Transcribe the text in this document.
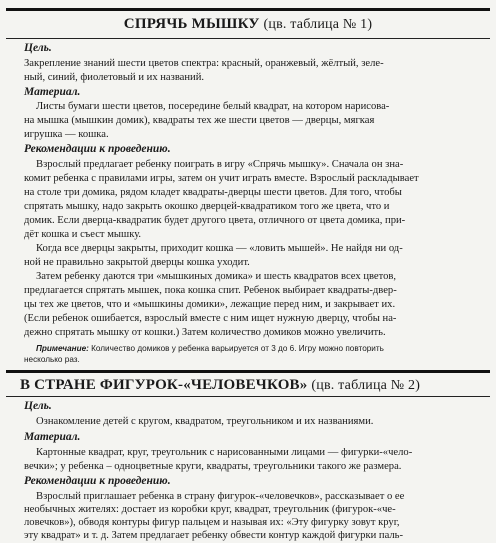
СПРЯЧЬ МЫШКУ (цв. таблица № 1)
Цель.
Закрепление знаний шести цветов спектра: красный, оранжевый, жёлтый, зеле-
ный, синий, фиолетовый и их названий.
Материал.
Листы бумаги шести цветов, посередине белый квадрат, на котором нарисова-
на мышка (мышкин домик), квадраты тех же шести цветов — дверцы, мягкая
игрушка — кошка.
Рекомендации к проведению.
Взрослый предлагает ребенку поиграть в игру «Спрячь мышку». Сначала он зна-
комит ребенка с правилами игры, затем он учит играть вместе. Взрослый раскладывает
на столе три домика, рядом кладет квадраты-дверцы шести цветов. Для того, чтобы
спрятать мышку, надо закрыть окошко дверцей-квадратиком того же цвета, что и
домик. Если дверца-квадратик будет другого цвета, отличного от цвета домика, при-
дёт кошка и съест мышку.
Когда все дверцы закрыты, приходит кошка — «ловить мышей». Не найдя ни од-
ной не правильно закрытой дверцы кошка уходит.
Затем ребенку даются три «мышкиных домика» и шесть квадратов всех цветов,
предлагается спрятать мышек, пока кошка спит. Ребенок выбирает квадраты-двер-
цы тех же цветов, что и «мышкины домики», лежащие перед ним, и закрывает их.
(Если ребенок ошибается, взрослый вместе с ним ищет нужную дверцу, чтобы на-
дежно спрятать мышку от кошки.) Затем количество домиков можно увеличить.
Примечание: Количество домиков у ребенка варьируется от 3 до 6. Игру можно повторить
несколько раз.
В СТРАНЕ ФИГУРОК-«ЧЕЛОВЕЧКОВ» (цв. таблица № 2)
Цель.
Ознакомление детей с кругом, квадратом, треугольником и их названиями.
Материал.
Картонные квадрат, круг, треугольник с нарисованными лицами — фигурки-«чело-
вечки»; у ребенка – одноцветные круги, квадраты, треугольники такого же размера.
Рекомендации к проведению.
Взрослый приглашает ребенка в страну фигурок-«человечков», рассказывает о ее
необычных жителях: достает из коробки круг, квадрат, треугольник (фигурок-«че-
ловечков»), обводя контуры фигур пальцем и называя их: «Эту фигурку зовут круг,
эту квадрат» и т. д. Затем предлагает ребенку обвести контур каждой фигурки паль-
